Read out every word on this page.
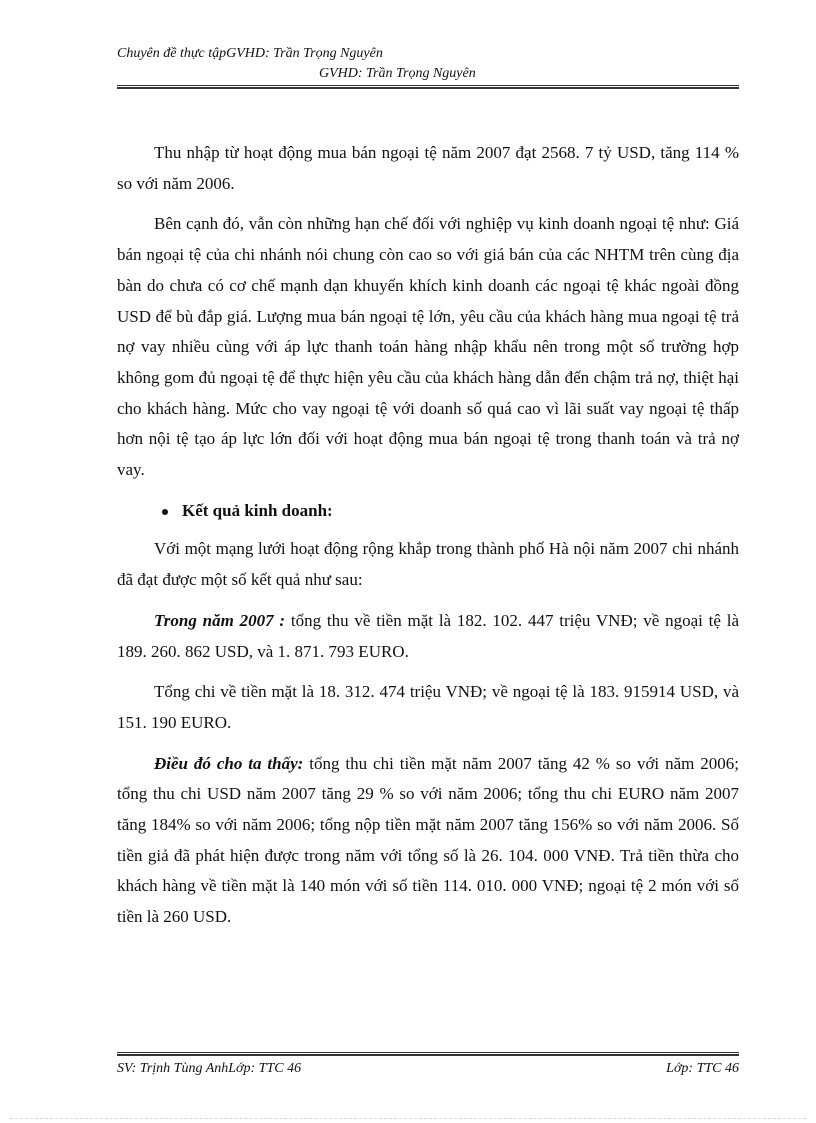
Chuyên đề thực tậpGVHD: Trần Trọng Nguyên
GVHD: Trần Trọng Nguyên

Thu nhập từ hoạt động mua bán ngoại tệ năm 2007 đạt 2568. 7 tỷ USD, tăng 114 % so với năm 2006.

Bên cạnh đó, vẫn còn những hạn chế đối với nghiệp vụ kinh doanh ngoại tệ như: Giá bán ngoại tệ của chi nhánh nói chung còn cao so với giá bán của các NHTM trên cùng địa bàn do chưa có cơ chế mạnh dạn khuyến khích kinh doanh các ngoại tệ khác ngoài đồng USD để bù đắp giá. Lượng mua bán ngoại tệ lớn, yêu cầu của khách hàng mua ngoại tệ trả nợ vay nhiều cùng với áp lực thanh toán hàng nhập khẩu nên trong một số trường hợp không gom đủ ngoại tệ để thực hiện yêu cầu của khách hàng dẫn đến chậm trả nợ, thiệt hại cho khách hàng. Mức cho vay ngoại tệ với doanh số quá cao vì lãi suất vay ngoại tệ thấp hơn nội tệ tạo áp lực lớn đối với hoạt động mua bán ngoại tệ trong thanh toán và trả nợ vay.

Kết quả kinh doanh:

Với một mạng lưới hoạt động rộng khắp trong thành phố Hà nội năm 2007 chi nhánh đã đạt được một số kết quả như sau:

Trong năm 2007 : tổng thu về tiền mặt là 182. 102. 447 triệu VNĐ; về ngoại tệ là 189. 260. 862 USD, và 1. 871. 793 EURO.

Tổng chi về tiền mặt là 18. 312. 474 triệu VNĐ; về ngoại tệ là 183. 915914 USD, và 151. 190 EURO.

Điều đó cho ta thấy: tổng thu chi tiền mặt năm 2007 tăng 42 % so với năm 2006; tổng thu chi USD năm 2007 tăng 29 % so với năm 2006; tổng thu chi EURO năm 2007 tăng 184% so với năm 2006; tổng nộp tiền mặt năm 2007 tăng 156% so với năm 2006. Số tiền giả đã phát hiện được trong năm với tổng số là 26. 104. 000 VNĐ. Trả tiền thừa cho khách hàng về tiền mặt là 140 món với số tiền 114. 010. 000 VNĐ; ngoại tệ 2 món với số tiền là 260 USD.

SV: Trịnh Tùng AnhLớp: TTC 46	Lớp: TTC 46
